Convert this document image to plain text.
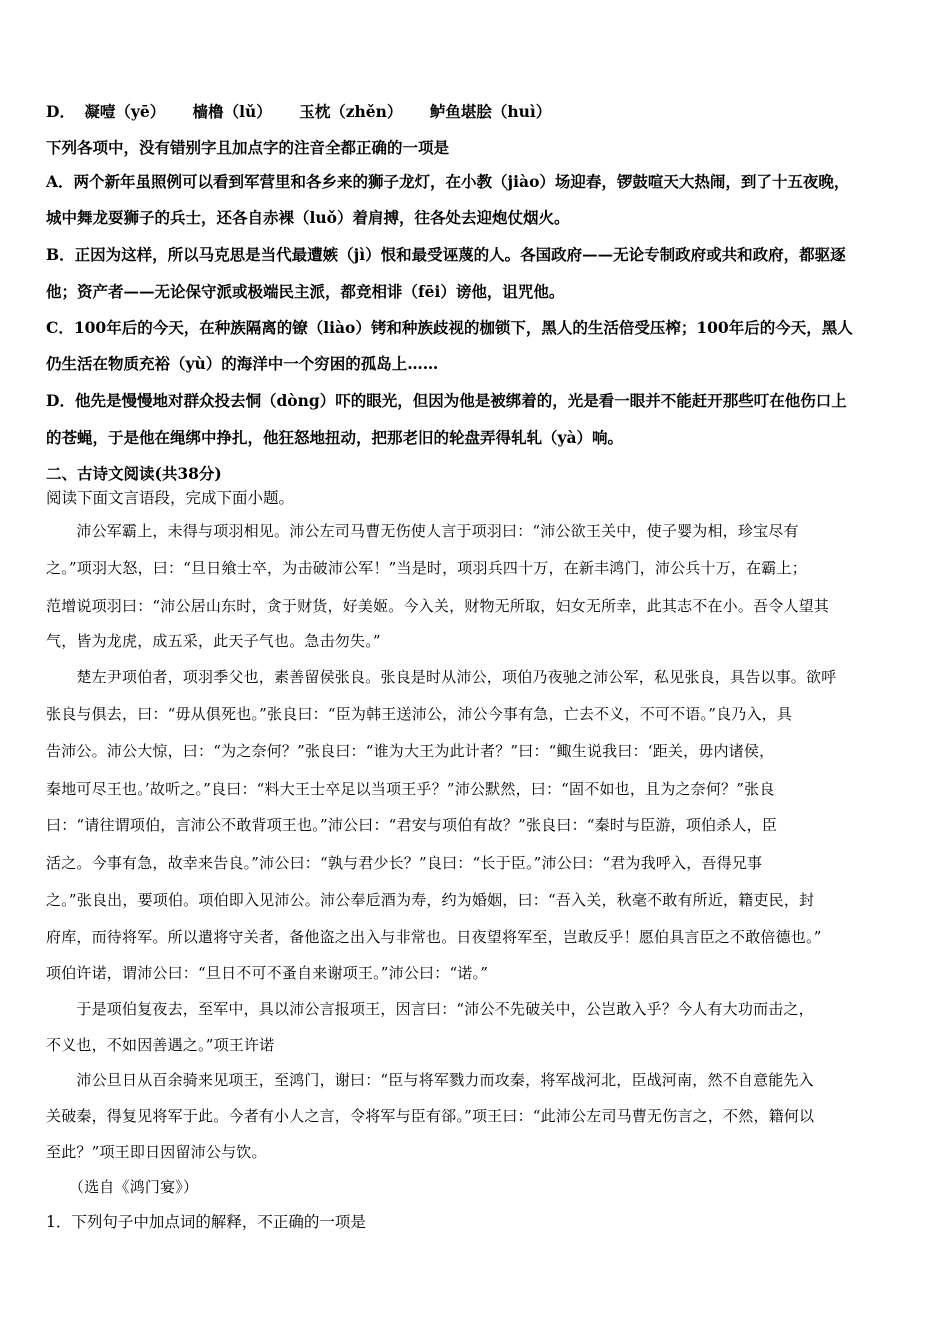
D． 凝噎（yē） 樯橹（lǔ） 玉枕（zhěn） 鲈鱼堪脍（huì）
下列各项中，没有错别字且加点字的注音全都正确的一项是
A．两个新年虽照例可以看到军营里和各乡来的狮子龙灯，在小教（jiào）场迎春，锣鼓喧天大热闹，到了十五夜晚，
城中舞龙耍狮子的兵士，还各自赤裸（luǒ）着肩搏，往各处去迎炮仗烟火。
B．正因为这样，所以马克思是当代最遭嫉（jì）恨和最受诬蔑的人。各国政府——无论专制政府或共和政府，都驱逐
他；资产者——无论保守派或极端民主派，都竞相诽（fēi）谤他，诅咒他。
C．100年后的今天，在种族隔离的镣（liào）铐和种族歧视的枷锁下，黑人的生活倍受压榨；100年后的今天，黑人
仍生活在物质充裕（yù）的海洋中一个穷困的孤岛上……
D．他先是慢慢地对群众投去恫（dòng）吓的眼光，但因为他是被绑着的，光是看一眼并不能赶开那些叮在他伤口上
的苍蝇，于是他在绳绑中挣扎，他狂怒地扭动，把那老旧的轮盘弄得轧轧（yà）响。
二、古诗文阅读(共38分)
阅读下面文言语段，完成下面小题。
　　沛公军霸上，未得与项羽相见。沛公左司马曹无伤使人言于项羽曰：“沛公欲王关中，使子婴为相，珍宝尽有
之。”项羽大怒，曰：“旦日飨士卒，为击破沛公军！”当是时，项羽兵四十万，在新丰鸿门，沛公兵十万，在霸上；
范增说项羽曰：“沛公居山东时，贪于财货，好美姬。今入关，财物无所取，妇女无所幸，此其志不在小。吾令人望其
气，皆为龙虎，成五采，此天子气也。急击勿失。”
　　楚左尹项伯者，项羽季父也，素善留侯张良。张良是时从沛公，项伯乃夜驰之沛公军，私见张良，具告以事。欲呼
张良与俱去，曰：“毋从俱死也。”张良曰：“臣为韩王送沛公，沛公今事有急，亡去不义，不可不语。”良乃入，具
告沛公。沛公大惊，曰：“为之奈何？”张良曰：“谁为大王为此计者？”曰：“鲰生说我曰：‘距关，毋内诸侯，
秦地可尽王也。’故听之。”良曰：“料大王士卒足以当项王乎？”沛公默然，曰：“固不如也，且为之奈何？”张良
曰：“请往谓项伯，言沛公不敢背项王也。”沛公曰：“君安与项伯有故？”张良曰：“秦时与臣游，项伯杀人，臣
活之。今事有急，故幸来告良。”沛公曰：“孰与君少长？”良曰：“长于臣。”沛公曰：“君为我呼入，吾得兄事
之。”张良出，要项伯。项伯即入见沛公。沛公奉卮酒为寿，约为婚姻，曰：“吾入关，秋毫不敢有所近，籍吏民，封
府库，而待将军。所以遣将守关者，备他盗之出入与非常也。日夜望将军至，岂敢反乎！愿伯具言臣之不敢倍德也。”
项伯许诺，谓沛公曰：“旦日不可不蚤自来谢项王。”沛公曰：“诺。”
　　于是项伯复夜去，至军中，具以沛公言报项王，因言曰：“沛公不先破关中，公岂敢入乎？今人有大功而击之，
不义也，不如因善遇之。”项王许诺
　　沛公旦日从百余骑来见项王，至鸿门，谢曰：“臣与将军戮力而攻秦，将军战河北，臣战河南，然不自意能先入
关破秦，得复见将军于此。今者有小人之言，令将军与臣有郤。”项王曰：“此沛公左司马曹无伤言之，不然，籍何以
至此？”项王即日因留沛公与饮。
　　（选自《鸿门宴》）
1．下列句子中加点词的解释，不正确的一项是
